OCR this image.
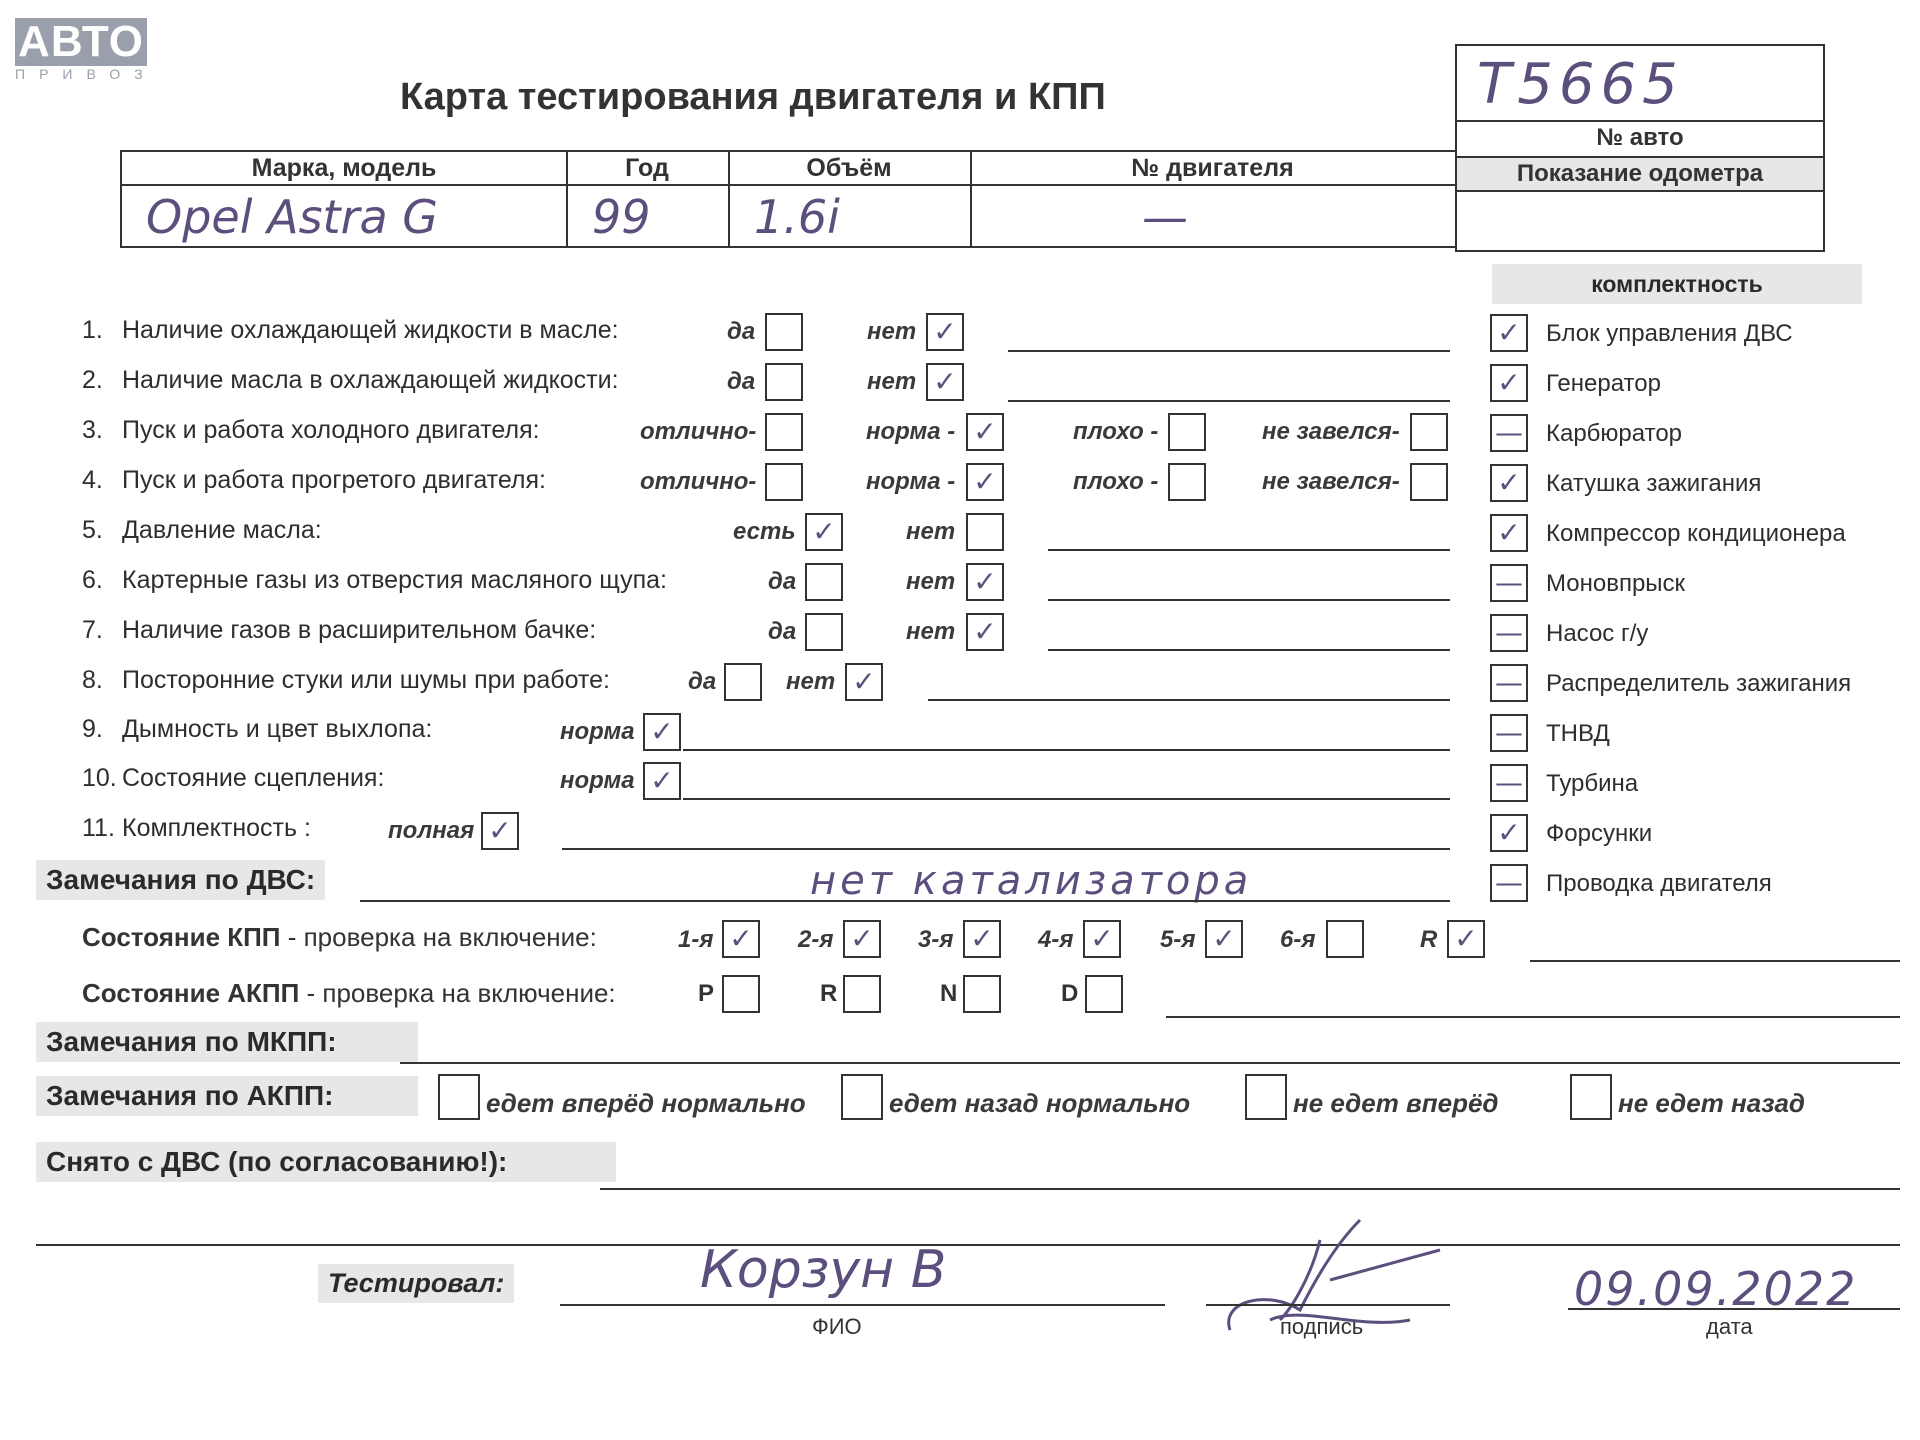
АВТО
ПРИВОЗ
Карта тестирования двигателя и КПП	T5665
№ авто
Показание одометра
Марка, модель	Год	Объём	№ двигателя
Opel Astra G	99 1.6i	—
комплектность
1. Наличие охлаждающей жидкости в масле:	да	нет ✓
2. Наличие масла в охлаждающей жидкости:	да	нет ✓
3. Пуск и работа холодного двигателя:	отлично-	норма - ✓	плохо -	не завелся-
4. Пуск и работа прогретого двигателя:	отлично-	норма - ✓	плохо -	не завелся-
5. Давление масла:	есть ✓	нет
6. Картерные газы из отверстия масляного щупа:	да	нет ✓
7. Наличие газов в расширительном бачке:	да	нет ✓
8. Посторонние стуки или шумы при работе:	да	нет ✓
9. Дымность и цвет выхлопа:	норма ✓
10. Состояние сцепления:	норма ✓
11. Комплектность :	полная ✓
✓	Блок управления ДВС
✓	Генератор
— Карбюратор
✓	Катушка зажигания
✓	Компрессор кондиционера
— Моновпрыск
— Насос г/у
— Распределитель зажигания
— ТНВД
— Турбина
✓	Форсунки
— Проводка двигателя
Замечания по ДВС:	нет катализатора
Состояние КПП - проверка на включение:	1-я ✓	2-я ✓	3-я ✓	4-я ✓	5-я ✓	6-я	R ✓
Состояние АКПП - проверка на включение:	P	R	N	D
Замечания по МКПП:
Замечания по АКПП:	едет вперёд нормально	едет назад нормально	не едет вперёд	не едет назад
Снято с ДВС (по согласованию!):
Тестировал:	Корзун В
ФИО	подпись
09.09.2022
дата
